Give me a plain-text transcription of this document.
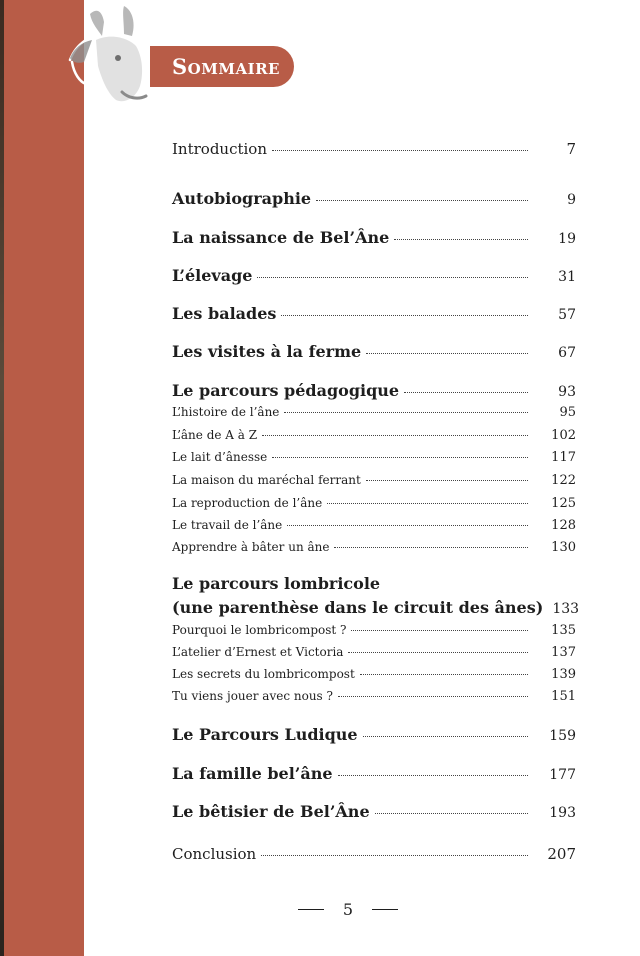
Sommaire
Introduction	7
Autobiographie	9
La naissance de Bel’Âne	19
L’élevage	31
Les balades	57
Les visites à la ferme	67
Le parcours pédagogique	93
L’histoire de l’âne	95
L’âne de A à Z	102
Le lait d’ânesse	117
La maison du maréchal ferrant	122
La reproduction de l’âne	125
Le travail de l’âne	128
Apprendre à bâter un âne	130
Le parcours lombricole
(une parenthèse dans le circuit des ânes) 133
Pourquoi le lombricompost ?	135
L’atelier d’Ernest et Victoria	137
Les secrets du lombricompost	139
Tu viens jouer avec nous ?	151
Le Parcours Ludique	159
La famille bel’âne	177
Le bêtisier de Bel’Âne	193
Conclusion	207
5
